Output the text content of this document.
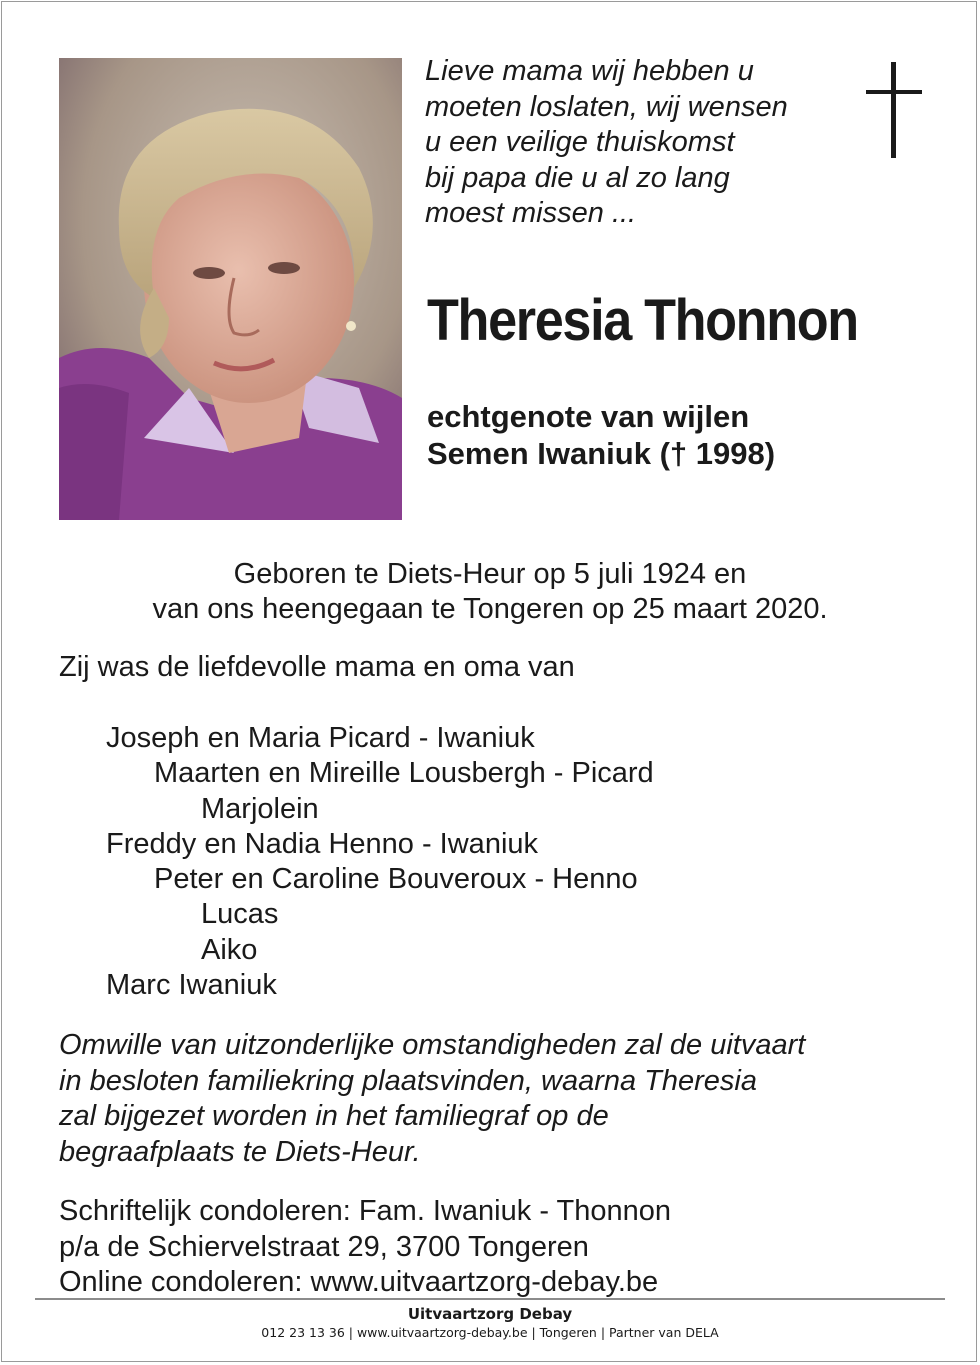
Lieve mama wij hebben u
moeten loslaten, wij wensen
u een veilige thuiskomst
bij papa die u al zo lang
moest missen ...
Theresia Thonnon
echtgenote van wijlen
Semen Iwaniuk († 1998)
Geboren te Diets-Heur op 5 juli 1924 en
van ons heengegaan te Tongeren op 25 maart 2020.
Zij was de liefdevolle mama en oma van
Joseph en Maria Picard - Iwaniuk
Maarten en Mireille Lousbergh - Picard
Marjolein
Freddy en Nadia Henno - Iwaniuk
Peter en Caroline Bouveroux - Henno
Lucas
Aiko
Marc Iwaniuk
Omwille van uitzonderlijke omstandigheden zal de uitvaart
in besloten familiekring plaatsvinden, waarna Theresia
zal bijgezet worden in het familiegraf op de
begraafplaats te Diets-Heur.
Schriftelijk condoleren: Fam. Iwaniuk - Thonnon
p/a de Schiervelstraat 29, 3700 Tongeren
Online condoleren: www.uitvaartzorg-debay.be
Uitvaartzorg Debay
012 23 13 36 | www.uitvaartzorg-debay.be | Tongeren | Partner van DELA
